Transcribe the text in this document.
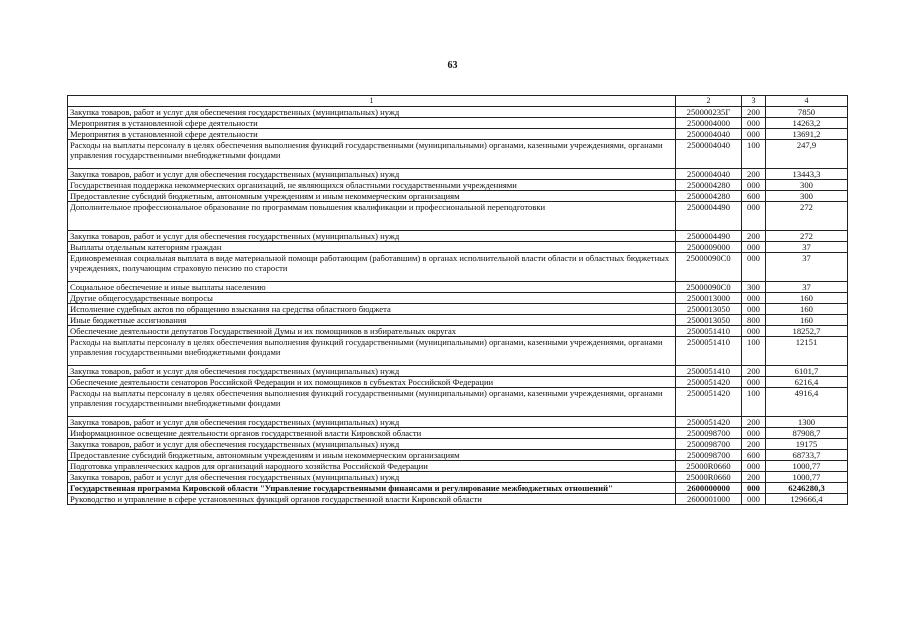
63
1	2	3	4
Закупка товаров, работ и услуг для обеспечения государственных (муниципальных) нужд	250000235Г	200	7850
Мероприятия в установленной сфере деятельности	2500004000	000	14263,2
Мероприятия в установленной сфере деятельности	2500004040	000	13691,2
Расходы на выплаты персоналу в целях обеспечения выполнения функций государственными (муниципальными) органами, казенными учреждениями, органами управления государственными внебюджетными фондами	2500004040	100	247,9
Закупка товаров, работ и услуг для обеспечения государственных (муниципальных) нужд	2500004040	200	13443,3
Государственная поддержка некоммерческих организаций, не являющихся областными государственными учреждениями	2500004280	000	300
Предоставление субсидий бюджетным, автономным учреждениям и иным некоммерческим организациям	2500004280	600	300
Дополнительное профессиональное образование по программам повышения квалификации и профессиональной переподготовки	2500004490	000	272
Закупка товаров, работ и услуг для обеспечения государственных (муниципальных) нужд	2500004490	200	272
Выплаты отдельным категориям граждан	2500009000	000	37
Единовременная социальная выплата в виде материальной помощи работающим (работавшим) в органах исполнительной власти области и областных бюджетных учреждениях, получающим страховую пенсию по старости	25000090C0	000	37
Социальное обеспечение и иные выплаты населению	25000090C0	300	37
Другие общегосударственные вопросы	2500013000	000	160
Исполнение судебных актов по обращению взыскания на средства областного бюджета	2500013050	000	160
Иные бюджетные ассигнования	2500013050	800	160
Обеспечение деятельности депутатов Государственной Думы и их помощников в избирательных округах	2500051410	000	18252,7
Расходы на выплаты персоналу в целях обеспечения выполнения функций государственными (муниципальными) органами, казенными учреждениями, органами управления государственными внебюджетными фондами	2500051410	100	12151
Закупка товаров, работ и услуг для обеспечения государственных (муниципальных) нужд	2500051410	200	6101,7
Обеспечение деятельности сенаторов Российской Федерации и их помощников в субъектах Российской Федерации	2500051420	000	6216,4
Расходы на выплаты персоналу в целях обеспечения выполнения функций государственными (муниципальными) органами, казенными учреждениями, органами управления государственными внебюджетными фондами	2500051420	100	4916,4
Закупка товаров, работ и услуг для обеспечения государственных (муниципальных) нужд	2500051420	200	1300
Информационное освещение деятельности органов государственной власти Кировской области	2500098700	000	87908,7
Закупка товаров, работ и услуг для обеспечения государственных (муниципальных) нужд	2500098700	200	19175
Предоставление субсидий бюджетным, автономным учреждениям и иным некоммерческим организациям	2500098700	600	68733,7
Подготовка управленческих кадров для организаций народного хозяйства Российской Федерации	25000R0660	000	1000,77
Закупка товаров, работ и услуг для обеспечения государственных (муниципальных) нужд	25000R0660	200	1000,77
Государственная программа Кировской области "Управление государственными финансами и регулирование межбюджетных отношений"	2600000000	000	6246280,3
Руководство и управление в сфере установленных функций органов государственной власти Кировской области	2600001000	000	129666,4
